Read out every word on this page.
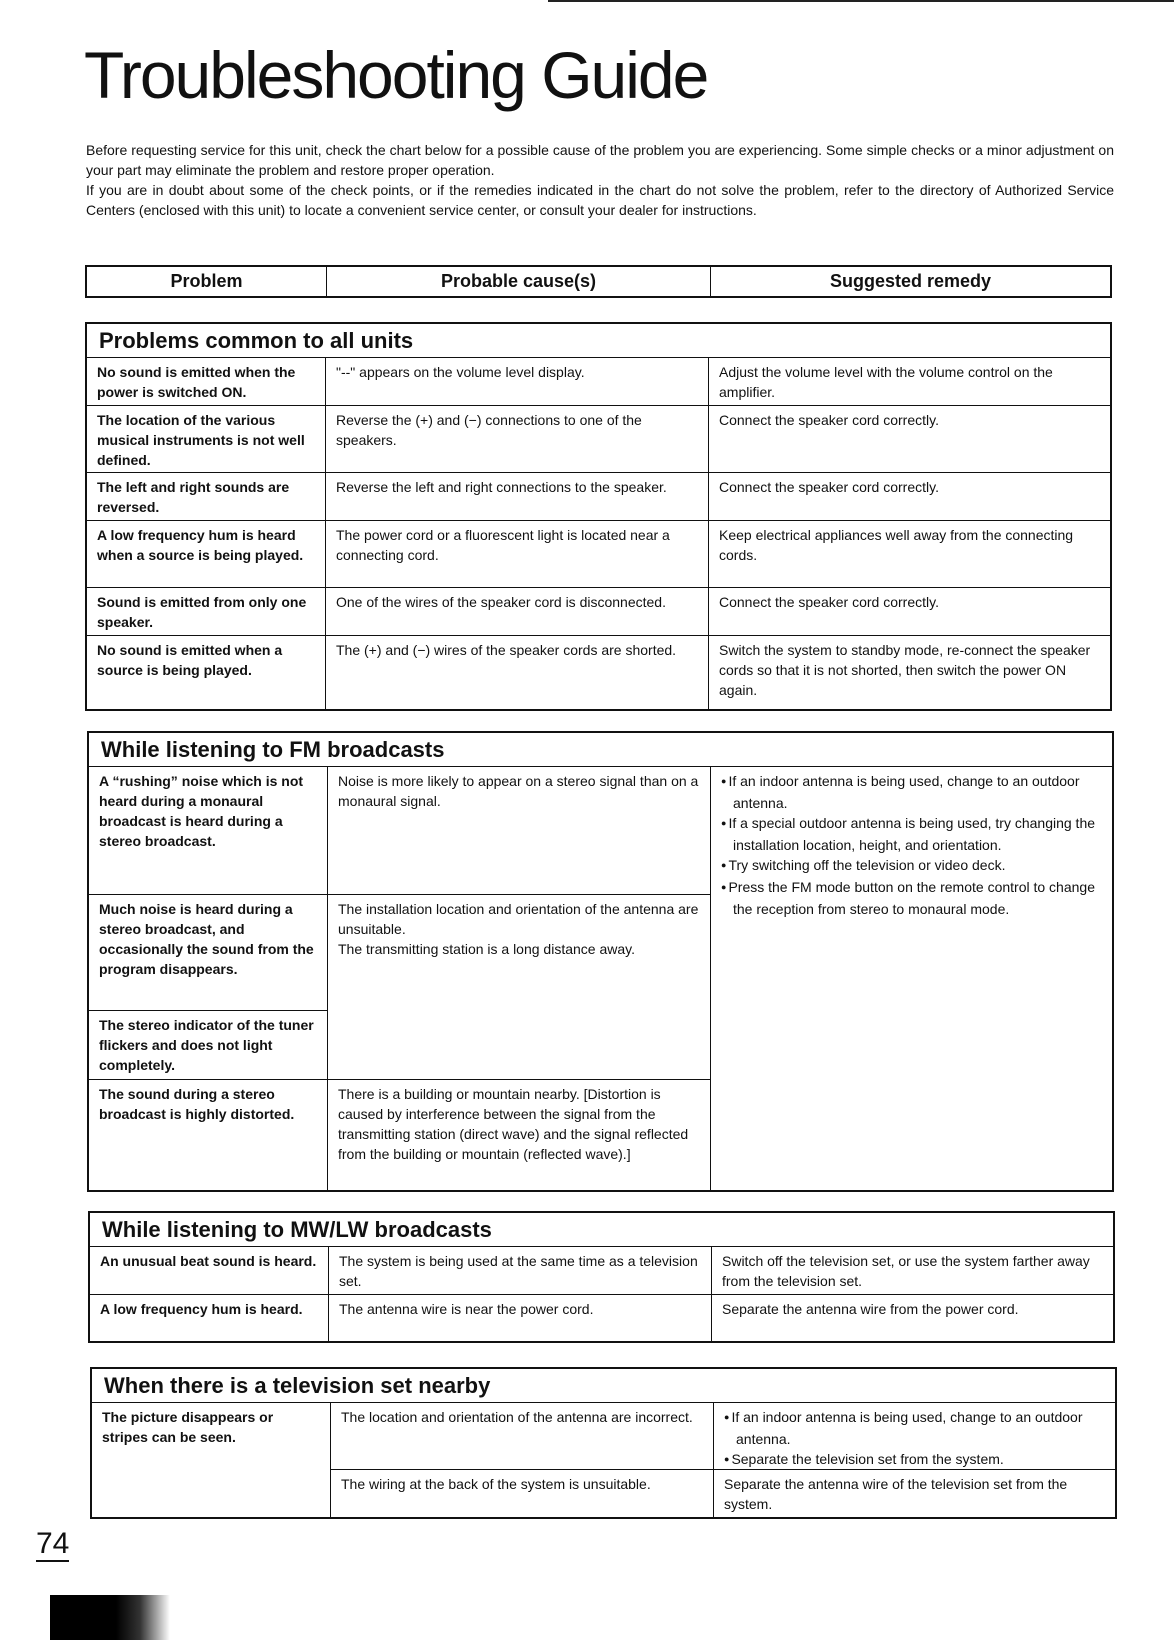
Troubleshooting Guide

Before requesting service for this unit, check the chart below for a possible cause of the problem you are experiencing. Some simple checks or a minor adjustment on your part may eliminate the problem and restore proper operation.

If you are in doubt about some of the check points, or if the remedies indicated in the chart do not solve the problem, refer to the directory of Authorized Service Centers (enclosed with this unit) to locate a convenient service center, or consult your dealer for instructions.

Problem	Probable cause(s)	Suggested remedy
Problems common to all units
No sound is emitted when the power is switched ON.
"--" appears on the volume level display.	Adjust the volume level with the volume control on the amplifier.
The location of the various musical instruments is not well defined.
Reverse the (+) and (−) connections to one of the speakers.
Connect the speaker cord correctly.
The left and right sounds are reversed.
Reverse the left and right connections to the speaker.	Connect the speaker cord correctly.
A low frequency hum is heard when a source is being played.
The power cord or a fluorescent light is located near a connecting cord.
Keep electrical appliances well away from the connecting cords.
Sound is emitted from only one speaker.
One of the wires of the speaker cord is disconnected.	Connect the speaker cord correctly.
No sound is emitted when a source is being played.
The (+) and (−) wires of the speaker cords are shorted.	Switch the system to standby mode, re-connect the speaker cords so that it is not shorted, then switch the power ON again.
While listening to FM broadcasts
A “rushing” noise which is not heard during a monaural broadcast is heard during a stereo broadcast.
Noise is more likely to appear on a stereo signal than on a monaural signal.
● If an indoor antenna is being used, change to an outdoor antenna.
● If a special outdoor antenna is being used, try changing the installation location, height, and orientation.
● Try switching off the television or video deck.
● Press the FM mode button on the remote control to change the reception from stereo to monaural mode.
Much noise is heard during a stereo broadcast, and occasionally the sound from the program disappears.
The installation location and orientation of the antenna are unsuitable.
The transmitting station is a long distance away.
The stereo indicator of the tuner flickers and does not light completely.
The sound during a stereo broadcast is highly distorted.
There is a building or mountain nearby. [Distortion is caused by interference between the signal from the transmitting station (direct wave) and the signal reflected from the building or mountain (reflected wave).]
While listening to MW/LW broadcasts
An unusual beat sound is heard.	The system is being used at the same time as a television set.
Switch off the television set, or use the system farther away from the television set.
A low frequency hum is heard.	The antenna wire is near the power cord.	Separate the antenna wire from the power cord.
When there is a television set nearby
The picture disappears or stripes can be seen.
The location and orientation of the antenna are incorrect.
●	If an indoor antenna is being used, change to an outdoor antenna.
● Separate the television set from the system.
The wiring at the back of the system is unsuitable.	Separate the antenna wire of the television set from the system.
74
